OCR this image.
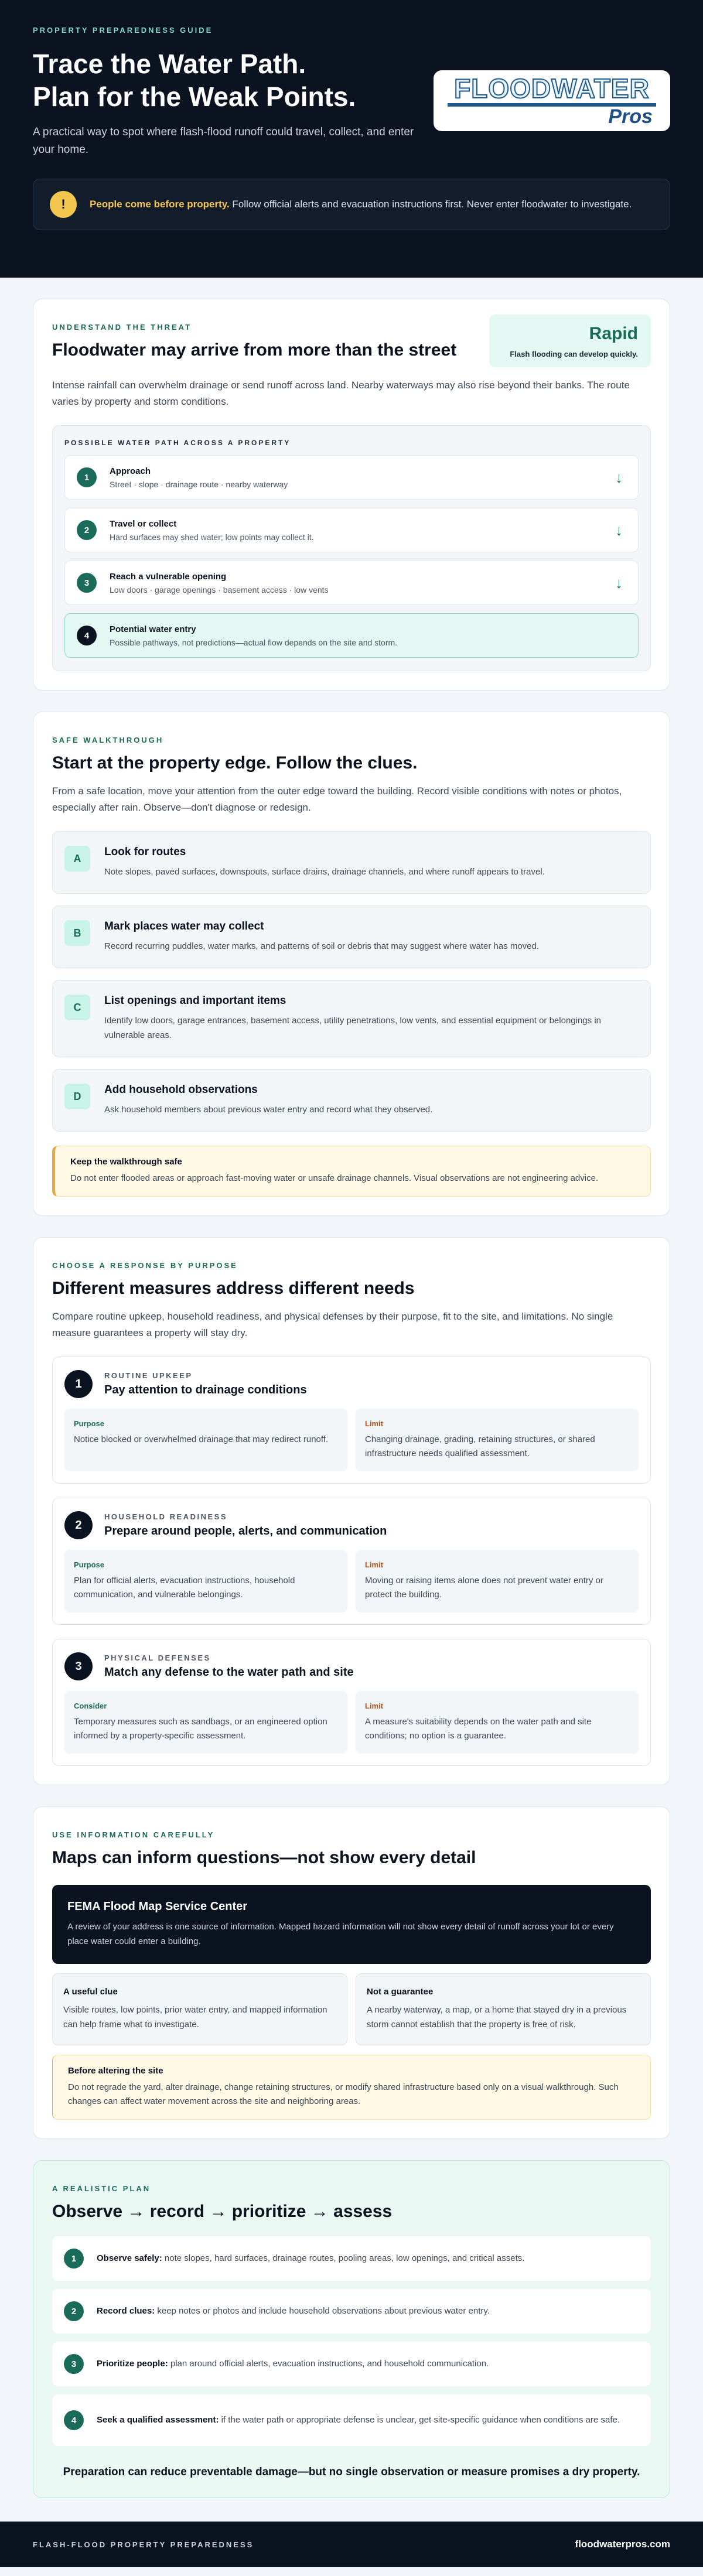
PROPERTY PREPAREDNESS GUIDE
Trace the Water Path.
Plan for the Weak Points.

A practical way to spot where flash-flood runoff could travel, collect, and enter your home.

FLOODWATER
Pros
!	People come before property. Follow official alerts and evacuation instructions first. Never enter floodwater to investigate.

UNDERSTAND THE THREAT
Floodwater may arrive from more than the street
Rapid
Flash flooding can develop quickly.

Intense rainfall can overwhelm drainage or send runoff across land. Nearby waterways may also rise beyond their banks. The route varies by property and storm conditions.

POSSIBLE WATER PATH ACROSS A PROPERTY
1
Approach
Street · slope · drainage route · nearby waterway	↓
2
Travel or collect
Hard surfaces may shed water; low points may collect it.	↓
3
Reach a vulnerable opening
Low doors · garage openings · basement access · low vents	↓
4
Potential water entry
Possible pathways, not predictions—actual flow depends on the site and storm.
SAFE WALKTHROUGH
Start at the property edge. Follow the clues.

From a safe location, move your attention from the outer edge toward the building. Record visible conditions with notes or photos, especially after rain. Observe—don't diagnose or redesign.

A
Look for routes
Note slopes, paved surfaces, downspouts, surface drains, drainage channels, and where runoff appears to travel.
B
Mark places water may collect
Record recurring puddles, water marks, and patterns of soil or debris that may suggest where water has moved.
C
List openings and important items
Identify low doors, garage entrances, basement access, utility penetrations, low vents, and essential equipment or belongings in vulnerable areas.
D
Add household observations
Ask household members about previous water entry and record what they observed.
Keep the walkthrough safe
Do not enter flooded areas or approach fast-moving water or unsafe drainage channels. Visual observations are not engineering advice.
CHOOSE A RESPONSE BY PURPOSE
Different measures address different needs

Compare routine upkeep, household readiness, and physical defenses by their purpose, fit to the site, and limitations. No single measure guarantees a property will stay dry.

1
ROUTINE UPKEEP
Pay attention to drainage conditions
Purpose
Notice blocked or overwhelmed drainage that may redirect runoff.
Limit
Changing drainage, grading, retaining structures, or shared infrastructure needs qualified assessment.
2
HOUSEHOLD READINESS
Prepare around people, alerts, and communication
Purpose
Plan for official alerts, evacuation instructions, household communication, and vulnerable belongings.
Limit
Moving or raising items alone does not prevent water entry or protect the building.
3
PHYSICAL DEFENSES
Match any defense to the water path and site
Consider
Temporary measures such as sandbags, or an engineered option informed by a property-specific assessment.
Limit
A measure's suitability depends on the water path and site conditions; no option is a guarantee.
USE INFORMATION CAREFULLY
Maps can inform questions—not show every detail
FEMA Flood Map Service Center
A review of your address is one source of information. Mapped hazard information will not show every detail of runoff across your lot or every place water could enter a building.
A useful clue
Visible routes, low points, prior water entry, and mapped information can help frame what to investigate.
Not a guarantee
A nearby waterway, a map, or a home that stayed dry in a previous storm cannot establish that the property is free of risk.
Before altering the site
Do not regrade the yard, alter drainage, change retaining structures, or modify shared infrastructure based only on a visual walkthrough. Such changes can affect water movement across the site and neighboring areas.
A REALISTIC PLAN
Observe → record → prioritize → assess
1	Observe safely: note slopes, hard surfaces, drainage routes, pooling areas, low openings, and critical assets.
2	Record clues: keep notes or photos and include household observations about previous water entry.
3	Prioritize people: plan around official alerts, evacuation instructions, and household communication.
4	Seek a qualified assessment: if the water path or appropriate defense is unclear, get site-specific guidance when conditions are safe.

Preparation can reduce preventable damage—but no single observation or measure promises a dry property.

FLASH-FLOOD PROPERTY PREPAREDNESS	floodwaterpros.com
